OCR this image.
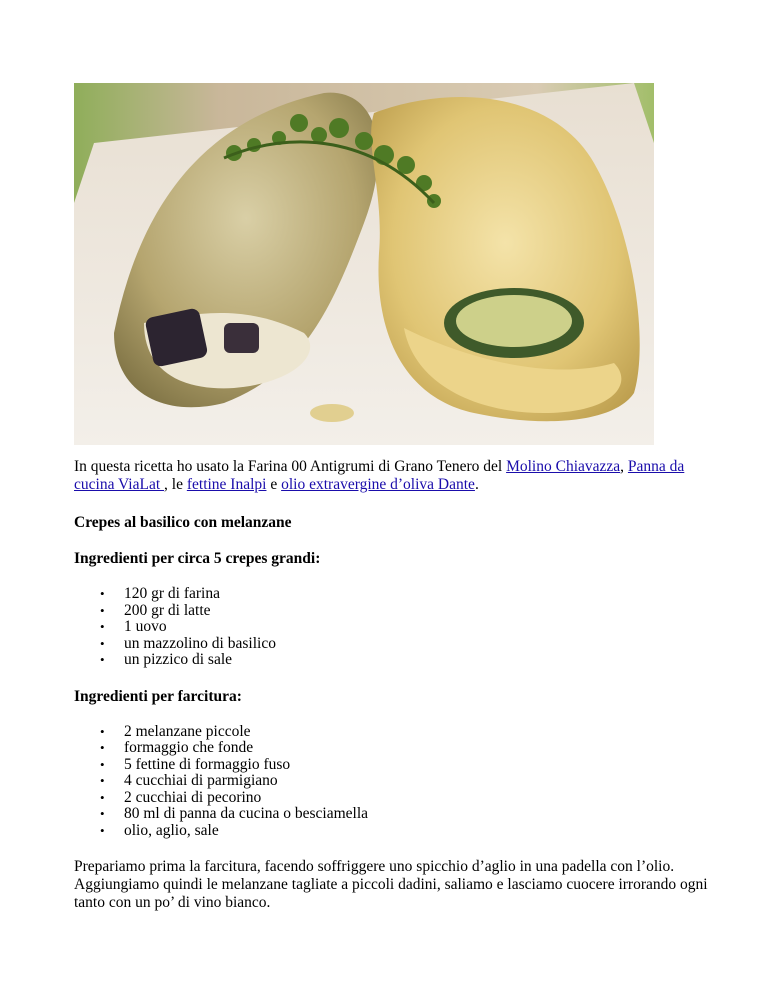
In questa ricetta ho usato la Farina 00 Antigrumi di Grano Tenero del Molino Chiavazza, Panna da cucina ViaLat , le fettine Inalpi e olio extravergine d’oliva Dante.

Crepes al basilico con melanzane

Ingredienti per circa 5 crepes grandi:

• 120 gr di farina
• 200 gr di latte
• 1 uovo
• un mazzolino di basilico
• un pizzico di sale

Ingredienti per farcitura:

• 2 melanzane piccole
• formaggio che fonde
• 5 fettine di formaggio fuso
• 4 cucchiai di parmigiano
• 2 cucchiai di pecorino
• 80 ml di panna da cucina o besciamella
• olio, aglio, sale

Prepariamo prima la farcitura, facendo soffriggere uno spicchio d’aglio in una padella con l’olio. Aggiungiamo quindi le melanzane tagliate a piccoli dadini, saliamo e lasciamo cuocere irrorando ogni tanto con un po’ di vino bianco.
